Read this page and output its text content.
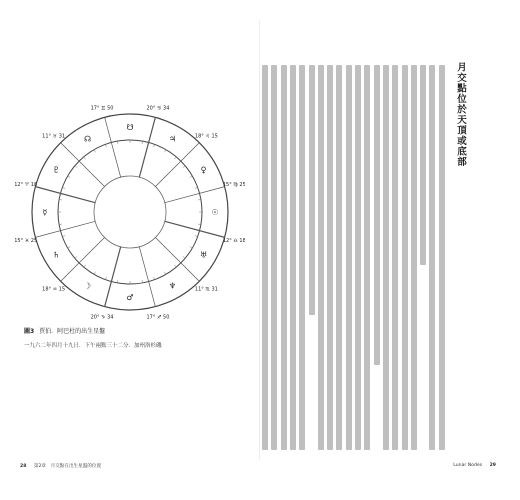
20° ♋ 34
♃	18° ♌ 15
♀
15° ♍ 25
☉
12° ♎ 18
♅
11° ♏ 31
♆
17° ♐ 50
♂
20° ♑ 34
☽
18° ♒ 15
♄
15° ♓ 25
☿
12° ♈ 18
♇
11° ♉ 31 ☊
17° ♊ 50
☋
圖3 賈伯．阿巴杜的出生星盤
一九六二年四月十九日．下午兩點三十二分．加州洛杉磯
月交點位於天頂或底部
28 第2章　月交點在出生星盤的位置	Lunar Nodes 29
